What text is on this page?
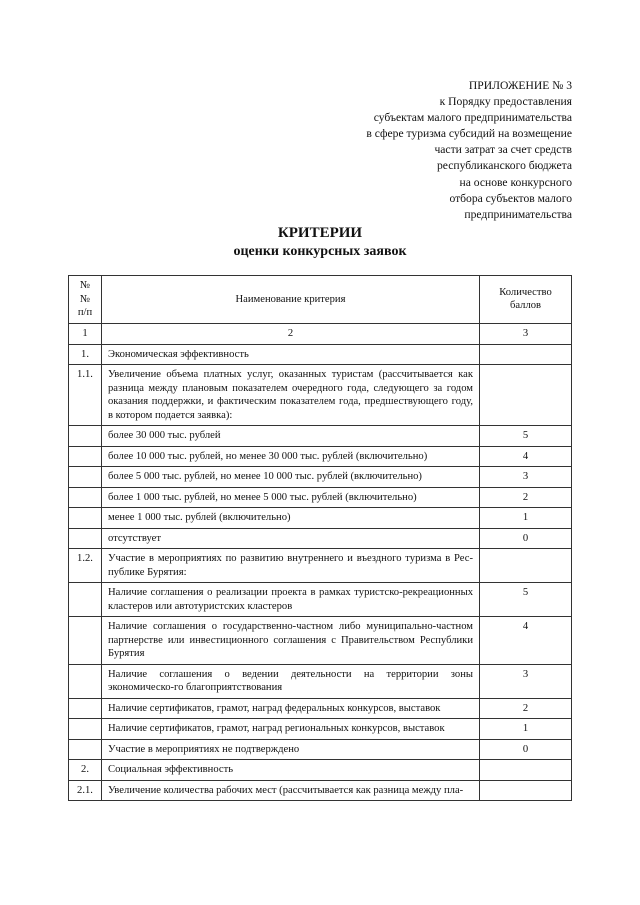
ПРИЛОЖЕНИЕ № 3
к Порядку предоставления
субъектам малого предпринимательства
в сфере туризма субсидий на возмещение
части затрат за счет средств
республиканского бюджета
на основе конкурсного
отбора субъектов малого
предпринимательства
КРИТЕРИИ
оценки конкурсных заявок
№№ п/п	Наименование критерия	Количество баллов
1	2	3
1.	Экономическая эффективность	
1.1.	Увеличение объема платных услуг, оказанных туристам (рассчитывается как разница между плановым показателем очередного года, следующего за годом оказания поддержки, и фактическим показателем года, предшествующего году, в котором подается заявка):	
	более 30 000 тыс. рублей	5
	более 10 000 тыс. рублей, но менее 30 000 тыс. рублей (включительно)	4
	более 5 000 тыс. рублей, но менее 10 000 тыс. рублей (включительно)	3
	более 1 000 тыс. рублей, но менее 5 000 тыс. рублей (включительно)	2
	менее 1 000 тыс. рублей (включительно)	1
	отсутствует	0
1.2.	Участие в мероприятиях по развитию внутреннего и въездного туризма в Рес-публике Бурятия:	
	Наличие соглашения о реализации проекта в рамках туристско-рекреационных кластеров или автотуристских кластеров	5
	Наличие соглашения о государственно-частном либо муниципально-частном партнерстве или инвестиционного соглашения с Правительством Республики Бурятия	4
	Наличие соглашения о ведении деятельности на территории зоны экономическо-го благоприятствования	3
	Наличие сертификатов, грамот, наград федеральных конкурсов, выставок	2
	Наличие сертификатов, грамот, наград региональных конкурсов, выставок	1
	Участие в мероприятиях не подтверждено	0
2.	Социальная эффективность	
2.1.	Увеличение количества рабочих мест (рассчитывается как разница между пла-	
